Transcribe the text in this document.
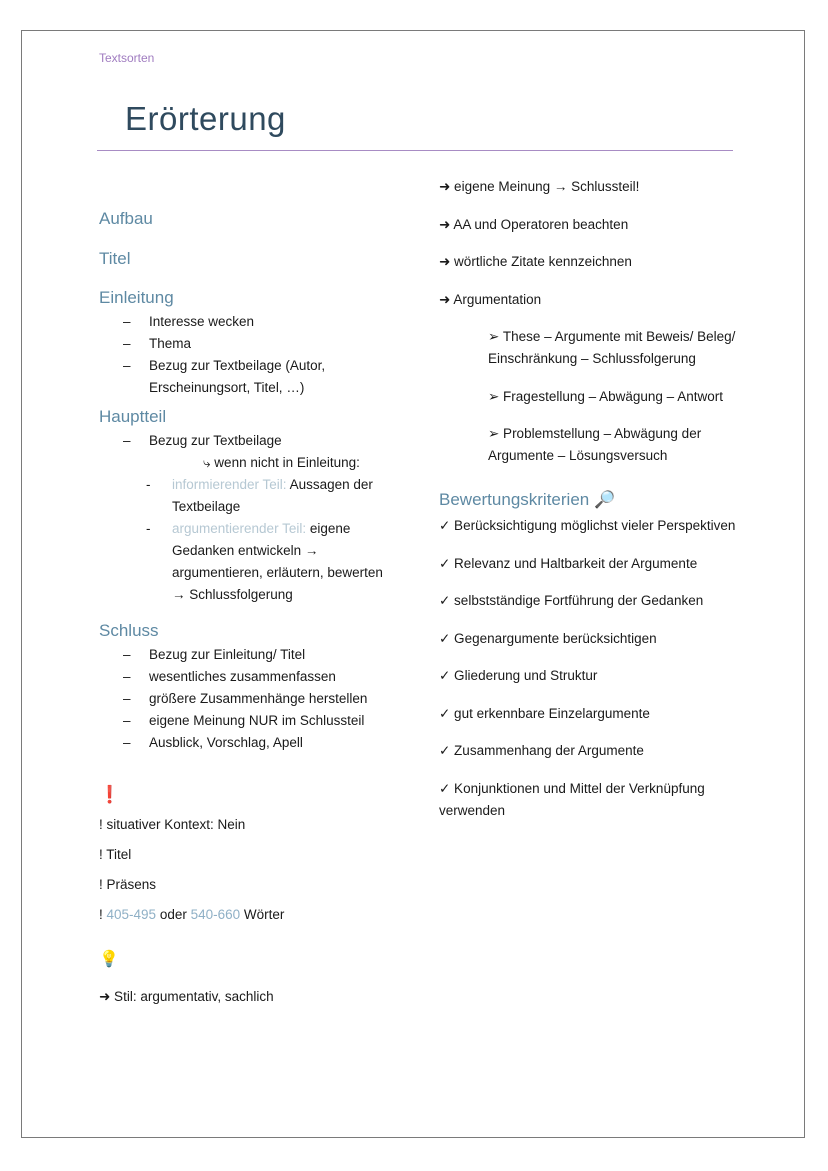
Textsorten
Erörterung
Aufbau
Titel
Einleitung
– Interesse wecken
– Thema
– Bezug zur Textbeilage (Autor, Erscheinungsort, Titel, …)
Hauptteil
– Bezug zur Textbeilage
⤷ wenn nicht in Einleitung:
- informierender Teil: Aussagen der Textbeilage
- argumentierender Teil: eigene Gedanken entwickeln → argumentieren, erläutern, bewerten → Schlussfolgerung
Schluss
– Bezug zur Einleitung/ Titel
– wesentliches zusammenfassen
– größere Zusammenhänge herstellen
– eigene Meinung NUR im Schlussteil
– Ausblick, Vorschlag, Apell
❗
! situativer Kontext: Nein
! Titel
! Präsens
! 405-495 oder 540-660 Wörter
💡
➜ Stil: argumentativ, sachlich
➜ eigene Meinung → Schlussteil!
➜ AA und Operatoren beachten
➜ wörtliche Zitate kennzeichnen
➜ Argumentation
➢ These – Argumente mit Beweis/ Beleg/ Einschränkung – Schlussfolgerung
➢ Fragestellung – Abwägung – Antwort
➢ Problemstellung – Abwägung der Argumente – Lösungsversuch
Bewertungskriterien 🔎
✓ Berücksichtigung möglichst vieler Perspektiven
✓ Relevanz und Haltbarkeit der Argumente
✓ selbstständige Fortführung der Gedanken
✓ Gegenargumente berücksichtigen
✓ Gliederung und Struktur
✓ gut erkennbare Einzelargumente
✓ Zusammenhang der Argumente
✓ Konjunktionen und Mittel der Verknüpfung verwenden
